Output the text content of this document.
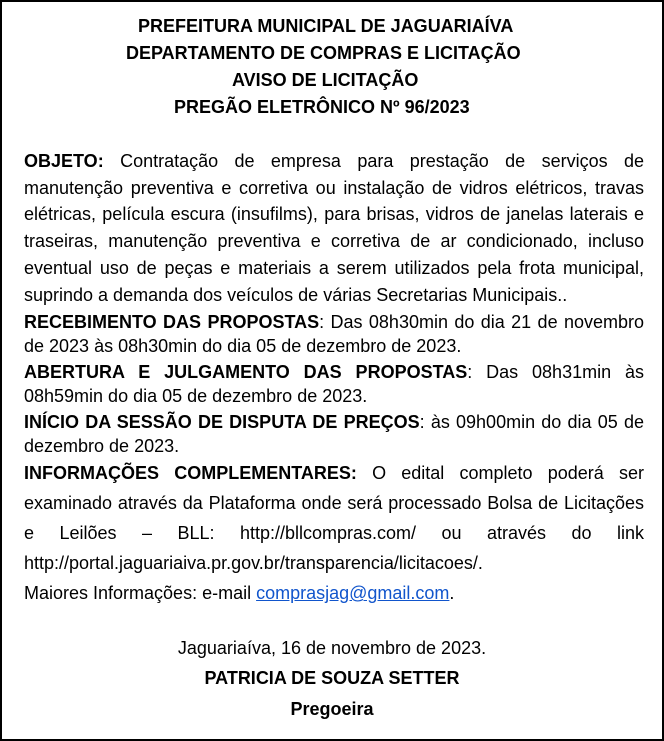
PREFEITURA MUNICIPAL DE JAGUARIAÍVA
DEPARTAMENTO DE COMPRAS E LICITAÇÃO
AVISO DE LICITAÇÃO
PREGÃO ELETRÔNICO Nº 96/2023

OBJETO: Contratação de empresa para prestação de serviços de manutenção preventiva e corretiva ou instalação de vidros elétricos, travas elétricas, película escura (insufilms), para brisas, vidros de janelas laterais e traseiras, manutenção preventiva e corretiva de ar condicionado, incluso eventual uso de peças e materiais a serem utilizados pela frota municipal, suprindo a demanda dos veículos de várias Secretarias Municipais..

RECEBIMENTO DAS PROPOSTAS: Das 08h30min do dia 21 de novembro de 2023 às 08h30min do dia 05 de dezembro de 2023.

ABERTURA E JULGAMENTO DAS PROPOSTAS: Das 08h31min às 08h59min do dia 05 de dezembro de 2023.

INÍCIO DA SESSÃO DE DISPUTA DE PREÇOS: às 09h00min do dia 05 de dezembro de 2023.

INFORMAÇÕES COMPLEMENTARES: O edital completo poderá ser examinado através da Plataforma onde será processado Bolsa de Licitações e Leilões – BLL: http://bllcompras.com/ ou através do link http://portal.jaguariaiva.pr.gov.br/transparencia/licitacoes/.
Maiores Informações: e-mail comprasjag@gmail.com.

Jaguariaíva, 16 de novembro de 2023.
PATRICIA DE SOUZA SETTER
Pregoeira
